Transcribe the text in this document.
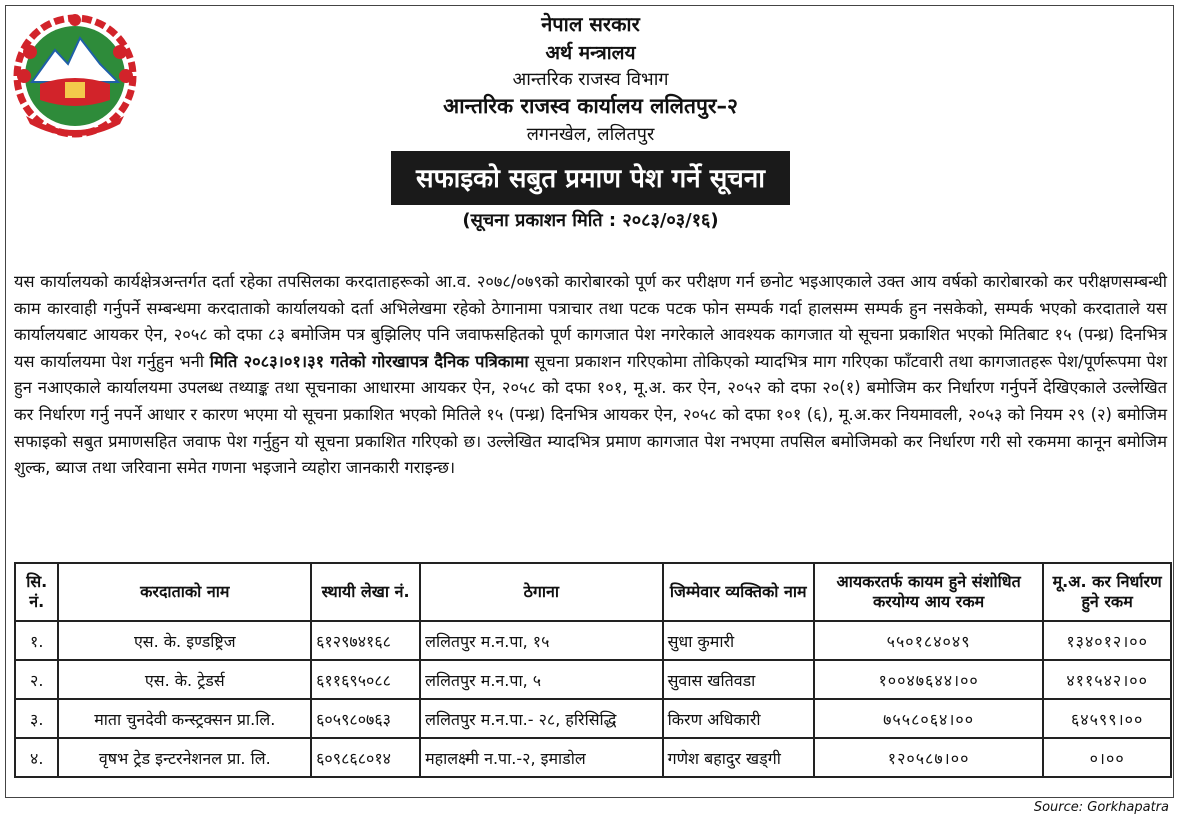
नेपाल सरकार
अर्थ मन्त्रालय
आन्तरिक राजस्व विभाग
आन्तरिक राजस्व कार्यालय ललितपुर–२
लगनखेल, ललितपुर
सफाइको सबुत प्रमाण पेश गर्ने सूचना
(सूचना प्रकाशन मिति : २०८३/०३/१६)
यस कार्यालयको कार्यक्षेत्रअन्तर्गत दर्ता रहेका तपसिलका करदाताहरूको आ.व. २०७८/०७९को कारोबारको पूर्ण कर परीक्षण गर्न छनोट भइआएकाले उक्त आय वर्षको कारोबारको कर परीक्षणसम्बन्धी काम कारवाही गर्नुपर्ने सम्बन्धमा करदाताको कार्यालयको दर्ता अभिलेखमा रहेको ठेगानामा पत्राचार तथा पटक पटक फोन सम्पर्क गर्दा हालसम्म सम्पर्क हुन नसकेको, सम्पर्क भएको करदाताले यस कार्यालयबाट आयकर ऐन, २०५८ को दफा ८३ बमोजिम पत्र बुझिलिए पनि जवाफसहितको पूर्ण कागजात पेश नगरेकाले आवश्यक कागजात यो सूचना प्रकाशित भएको मितिबाट १५ (पन्ध्र) दिनभित्र यस कार्यालयमा पेश गर्नुहुन भनी मिति २०८३।०१।३१ गतेको गोरखापत्र दैनिक पत्रिकामा सूचना प्रकाशन गरिएकोमा तोकिएको म्यादभित्र माग गरिएका फाँटवारी तथा कागजातहरू पेश/पूर्णरूपमा पेश हुन नआएकाले कार्यालयमा उपलब्ध तथ्याङ्क तथा सूचनाका आधारमा आयकर ऐन, २०५८ को दफा १०१, मू.अ. कर ऐन, २०५२ को दफा २०(१) बमोजिम कर निर्धारण गर्नुपर्ने देखिएकाले उल्लेखित कर निर्धारण गर्नु नपर्ने आधार र कारण भएमा यो सूचना प्रकाशित भएको मितिले १५ (पन्ध्र) दिनभित्र आयकर ऐन, २०५८ को दफा १०१ (६), मू.अ.कर नियमावली, २०५३ को नियम २९ (२) बमोजिम सफाइको सबुत प्रमाणसहित जवाफ पेश गर्नुहुन यो सूचना प्रकाशित गरिएको छ। उल्लेखित म्यादभित्र प्रमाण कागजात पेश नभएमा तपसिल बमोजिमको कर निर्धारण गरी सो रकममा कानून बमोजिम शुल्क, ब्याज तथा जरिवाना समेत गणना भइजाने व्यहोरा जानकारी गराइन्छ।
सि. नं.	करदाताको नाम	स्थायी लेखा नं.	ठेगाना	जिम्मेवार व्यक्तिको नाम	आयकरतर्फ कायम हुने संशोधित करयोग्य आय रकम	मू.अ. कर निर्धारण हुने रकम
१.	एस. के. इण्डष्ट्रिज	६१२९७४१६८	ललितपुर म.न.पा, १५	सुधा कुमारी	५५०१८४०४९	१३४०१२।००
२.	एस. के. ट्रेडर्स	६११६९५०८८	ललितपुर म.न.पा, ५	सुवास खतिवडा	१००४७६४४।००	४११५४२।००
३.	माता चुनदेवी कन्स्ट्रक्सन प्रा.लि.	६०५९८०७६३	ललितपुर म.न.पा.- २८, हरिसिद्धि	किरण अधिकारी	७५५८०६४।००	६४५९९।००
४.	वृषभ ट्रेड इन्टरनेशनल प्रा. लि.	६०९८६८०१४	महालक्ष्मी न.पा.-२, इमाडोल	गणेश बहादुर खड्गी	१२०५८७।००	०।००
Source: Gorkhapatra
